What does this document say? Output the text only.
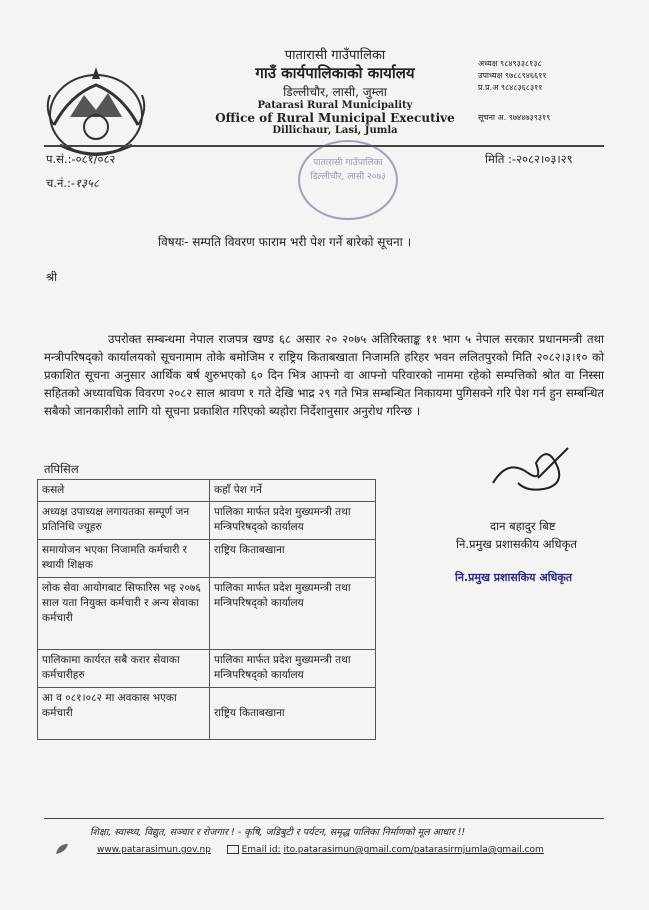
पातारासी गाउँपालिका
गाउँ कार्यपालिकाको कार्यालय
डिल्लीचौर, लासी, जुम्ला
Patarasi Rural Municipality
Office of Rural Municipal Executive
Dillichaur, Lasi, Jumla
अध्यक्ष ९८४९३३८१३८
उपाध्यक्ष ९७८८९४६६११
प्र.प्र.अ ९८४८३६८३११
सूचना अ. ९७४४७३९३१९
प.सं.:-०८१/०८२
च.नं.:-१३५८
मिति :-२०८२।०३।२९
पातारासी गाउँपालिका डिल्लीचौर, लासी २०७३
विषयः- सम्पति विवरण फाराम भरी पेश गर्ने बारेको सूचना ।
श्री
उपरोक्त सम्बन्धमा नेपाल राजपत्र खण्ड ६८ असार २० २०७५ अतिरिक्ताङ्क ११ भाग ५ नेपाल सरकार प्रधानमन्त्री तथा मन्त्रीपरिषद्को कार्यालयको सूचनामाम तोके बमोजिम र राष्ट्रिय किताबखाता निजामति हरिहर भवन ललितपुरको मिति २०८२।३।१० को प्रकाशित सूचना अनुसार आर्थिक बर्ष शुरुभएको ६० दिन भित्र आफ्नो वा आफ्नो परिवारको नाममा रहेको सम्पत्तिको श्रोत वा निस्सा सहितको अध्यावधिक विवरण २०८२ साल श्रावण १ गते देखि भाद्र २९ गते भित्र सम्बन्धित निकायमा पुगिसक्ने गरि पेश गर्न हुन सम्बन्धित सबैको जानकारीको लागि यो सूचना प्रकाशित गरिएको ब्यहोरा निर्देशानुसार अनुरोध गरिन्छ ।
तपिसिल
कसले	कहाँ पेश गर्ने
अध्यक्ष उपाध्यक्ष लगायतका सम्पूर्ण जन प्रतिनिधि ज्यूहरु	पालिका मार्फत प्रदेश मुख्यमन्त्री तथा मन्त्रिपरिषद्को कार्यालय
समायोजन भएका निजामति कर्मचारी र स्थायी शिक्षक	राष्ट्रिय किताबखाना
लोक सेवा आयोगबाट सिफारिस भइ २०७६ साल यता नियुक्त कर्मचारी र अन्य सेवाका कर्मचारी	पालिका मार्फत प्रदेश मुख्यमन्त्री तथा मन्त्रिपरिषद्को कार्यालय
पालिकामा कार्यरत सबै करार सेवाका कर्मचारीहरु	पालिका मार्फत प्रदेश मुख्यमन्त्री तथा मन्त्रिपरिषद्को कार्यालय
आ व ०८१।०८२ मा अवकास भएका कर्मचारी	राष्ट्रिय किताबखाना
दान बहादुर बिष्ट
नि.प्रमुख प्रशासकीय अधिकृत
नि.प्रमुख प्रशासकिय अधिकृत
शिक्षा, स्वास्थ्य, विद्युत, सञ्चार र रोजगार ! - कृषि, जडिबुटी र पर्यटन, समृद्ध पालिका निर्माणको मूल आधार !!
www.patarasimun.gov.np	Email id: ito.patarasimun@gmail.com/patarasirmjumla@gmail.com
